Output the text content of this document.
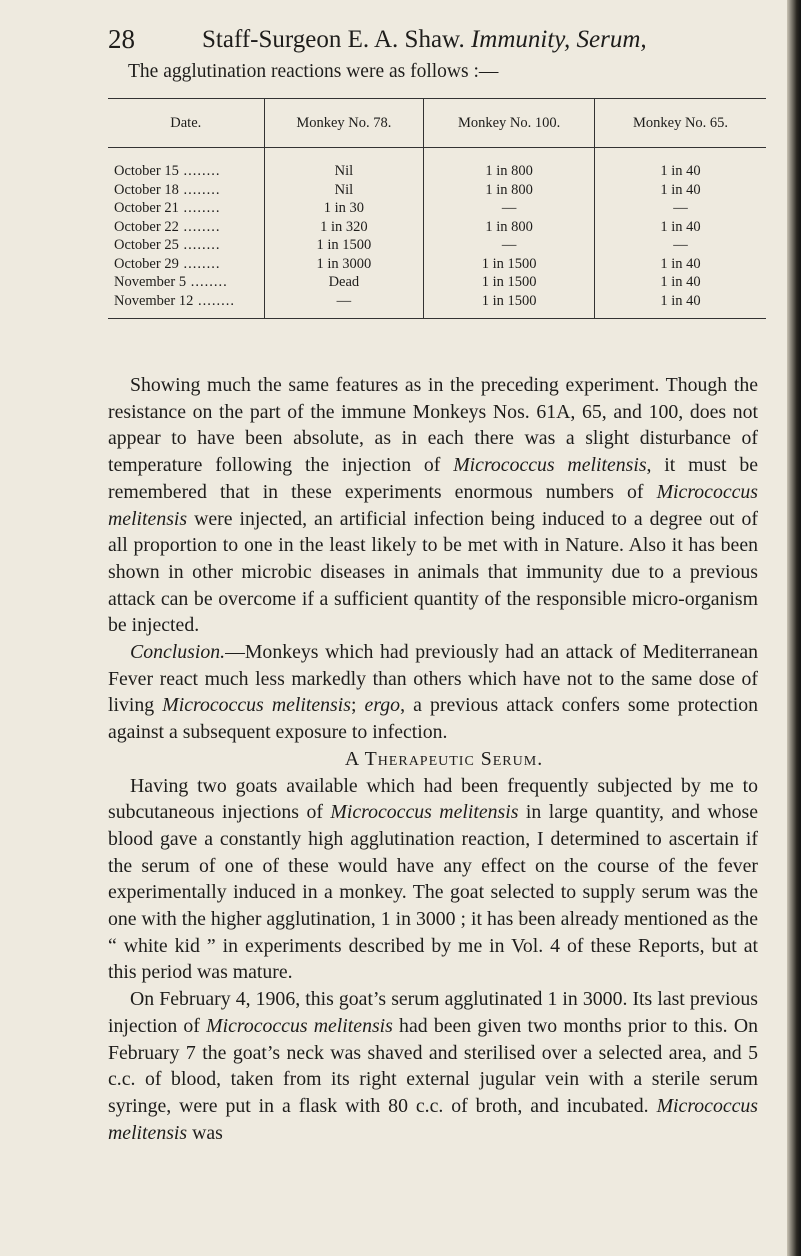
28	Staff-Surgeon E. A. Shaw. Immunity, Serum,
The agglutination reactions were as follows :—
Date.	Monkey No. 78.	Monkey No. 100.	Monkey No. 65.
October 15 ........	Nil	1 in 800	1 in 40
October 18 ........	Nil	1 in 800	1 in 40
October 21 ........	1 in 30	—	—
October 22 ........	1 in 320	1 in 800	1 in 40
October 25 ........	1 in 1500	—	—
October 29 ........	1 in 3000	1 in 1500	1 in 40
November 5 ........	Dead	1 in 1500	1 in 40
November 12 ........	—	1 in 1500	1 in 40

Showing much the same features as in the preceding experiment. Though the resistance on the part of the immune Monkeys Nos. 61A, 65, and 100, does not appear to have been absolute, as in each there was a slight disturbance of temperature following the injection of Micrococcus melitensis, it must be remembered that in these experiments enormous numbers of Micrococcus melitensis were injected, an artificial infection being induced to a degree out of all proportion to one in the least likely to be met with in Nature. Also it has been shown in other microbic diseases in animals that immunity due to a previous attack can be overcome if a sufficient quantity of the responsible micro-organism be injected.

Conclusion.—Monkeys which had previously had an attack of Mediterranean Fever react much less markedly than others which have not to the same dose of living Micrococcus melitensis; ergo, a previous attack confers some protection against a subsequent exposure to infection.

A Therapeutic Serum.

Having two goats available which had been frequently subjected by me to subcutaneous injections of Micrococcus melitensis in large quantity, and whose blood gave a constantly high agglutination reaction, I determined to ascertain if the serum of one of these would have any effect on the course of the fever experimentally induced in a monkey. The goat selected to supply serum was the one with the higher agglutination, 1 in 3000 ; it has been already mentioned as the “ white kid ” in experiments described by me in Vol. 4 of these Reports, but at this period was mature.

On February 4, 1906, this goat’s serum agglutinated 1 in 3000. Its last previous injection of Micrococcus melitensis had been given two months prior to this. On February 7 the goat’s neck was shaved and sterilised over a selected area, and 5 c.c. of blood, taken from its right external jugular vein with a sterile serum syringe, were put in a flask with 80 c.c. of broth, and incubated. Micrococcus melitensis was
